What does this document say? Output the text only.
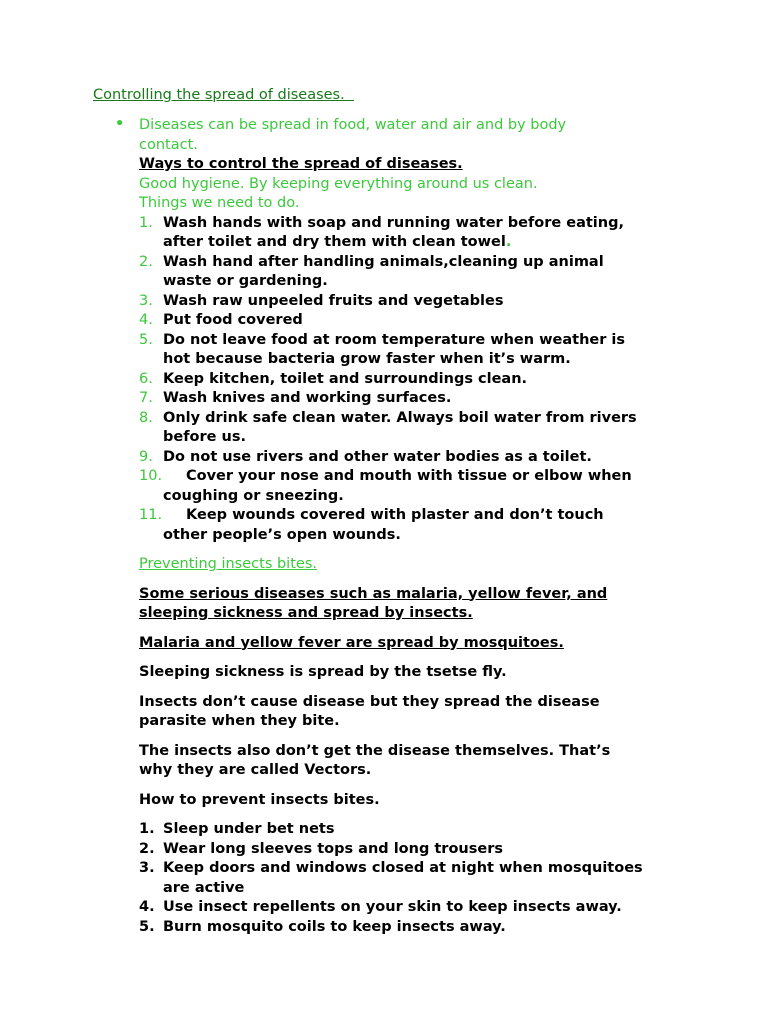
Controlling the spread of diseases.
• Diseases can be spread in food, water and air and by body
contact.
Ways to control the spread of diseases.
Good hygiene. By keeping everything around us clean.
Things we need to do.
1. Wash hands with soap and running water before eating,
after toilet and dry them with clean towel.
2. Wash hand after handling animals,cleaning up animal
waste or gardening.
3. Wash raw unpeeled fruits and vegetables
4. Put food covered
5. Do not leave food at room temperature when weather is
hot because bacteria grow faster when it’s warm.
6. Keep kitchen, toilet and surroundings clean.
7. Wash knives and working surfaces.
8. Only drink safe clean water. Always boil water from rivers
before us.
9. Do not use rivers and other water bodies as a toilet.
10. Cover your nose and mouth with tissue or elbow when
coughing or sneezing.
11. Keep wounds covered with plaster and don’t touch
other people’s open wounds.
Preventing insects bites.

Some serious diseases such as malaria, yellow fever, and
sleeping sickness and spread by insects.

Malaria and yellow fever are spread by mosquitoes.

Sleeping sickness is spread by the tsetse fly.

Insects don’t cause disease but they spread the disease
parasite when they bite.

The insects also don’t get the disease themselves. That’s
why they are called Vectors.

How to prevent insects bites.

1. Sleep under bet nets
2. Wear long sleeves tops and long trousers
3. Keep doors and windows closed at night when mosquitoes
are active
4. Use insect repellents on your skin to keep insects away.
5. Burn mosquito coils to keep insects away.
